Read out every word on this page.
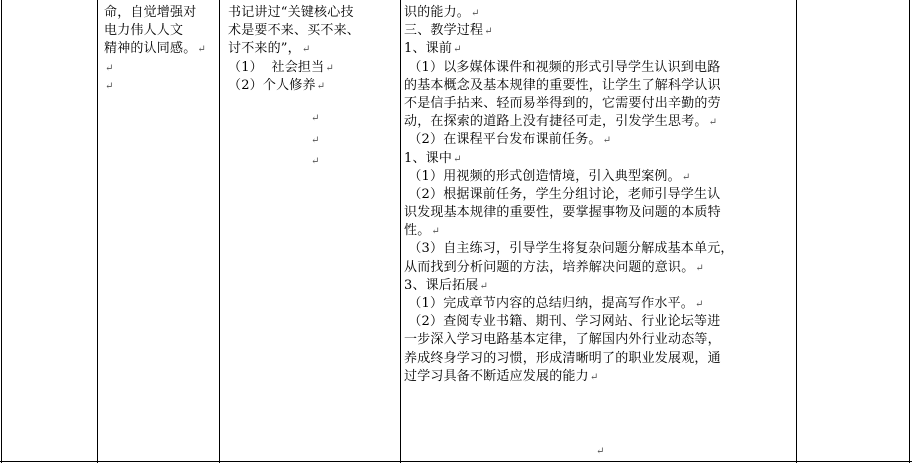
命，自觉增强对
电力伟人人文
精神的认同感。↵
↵
↵
书记讲过“关键核心技
术是要不来、买不来、
讨不来的”，↵
（1）  社会担当↵
（2）个人修养↵
↵
↵
↵
识的能力。↵
三、教学过程↵
1、课前↵
（1）以多媒体课件和视频的形式引导学生认识到电路
的基本概念及基本规律的重要性，让学生了解科学认识
不是信手拈来、轻而易举得到的，它需要付出辛勤的劳
动，在探索的道路上没有捷径可走，引发学生思考。↵
（2）在课程平台发布课前任务。↵
1、课中↵
（1）用视频的形式创造情境，引入典型案例。↵
（2）根据课前任务，学生分组讨论，老师引导学生认
识发现基本规律的重要性，要掌握事物及问题的本质特
性。↵
（3）自主练习，引导学生将复杂问题分解成基本单元，
从而找到分析问题的方法，培养解决问题的意识。↵
3、课后拓展↵
（1）完成章节内容的总结归纳，提高写作水平。↵
（2）查阅专业书籍、期刊、学习网站、行业论坛等进
一步深入学习电路基本定律，了解国内外行业动态等，
养成终身学习的习惯，形成清晰明了的职业发展观，通
过学习具备不断适应发展的能力↵
↵
